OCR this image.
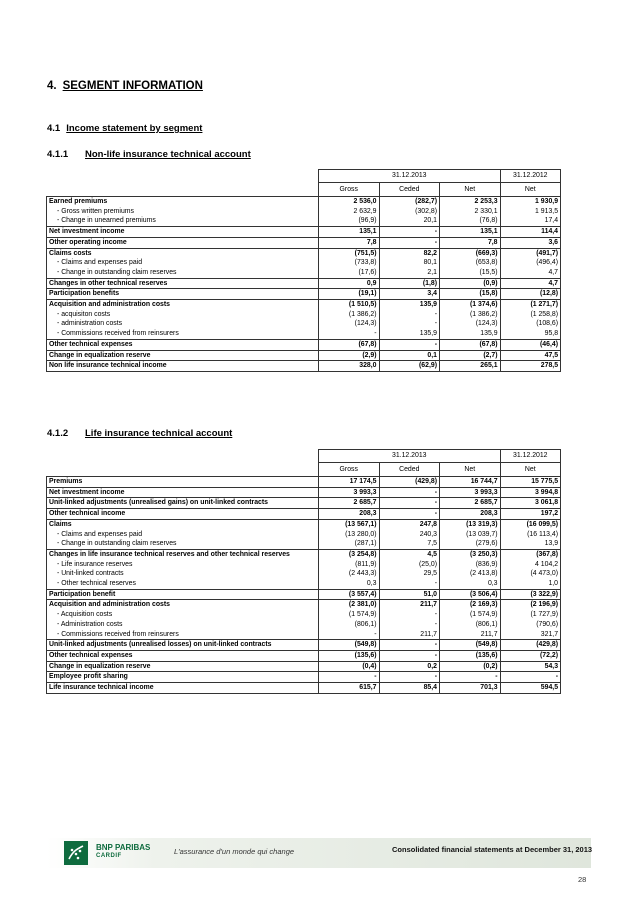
4. SEGMENT INFORMATION
4.1 Income statement by segment
4.1.1 Non-life insurance technical account
	31.12.2013			31.12.2012
	Gross	Ceded	Net	Net
Earned premiums	2 536,0	(282,7)	2 253,3	1 930,9
- Gross written premiums	2 632,9	(302,8)	2 330,1	1 913,5
- Change in unearned premiums	(96,9)	20,1	(76,8)	17,4
Net investment income	135,1	-	135,1	114,4
Other operating income	7,8	-	7,8	3,6
Claims costs	(751,5)	82,2	(669,3)	(491,7)
- Claims and expenses paid	(733,8)	80,1	(653,8)	(496,4)
- Change in outstanding claim reserves	(17,6)	2,1	(15,5)	4,7
Changes in other technical reserves	0,9	(1,8)	(0,9)	4,7
Participation benefits	(19,1)	3,4	(15,8)	(12,8)
Acquisition and administration costs	(1 510,5)	135,9	(1 374,6)	(1 271,7)
- acquisiton costs	(1 386,2)	-	(1 386,2)	(1 258,8)
- administration costs	(124,3)	-	(124,3)	(108,6)
- Commissions received from reinsurers	-	135,9	135,9	95,8
Other technical expenses	(67,8)	-	(67,8)	(46,4)
Change in equalization reserve	(2,9)	0,1	(2,7)	47,5
Non life insurance technical income	328,0	(62,9)	265,1	278,5
4.1.2 Life insurance technical account
	31.12.2013			31.12.2012
	Gross	Ceded	Net	Net
Premiums	17 174,5	(429,8)	16 744,7	15 775,5
Net investment income	3 993,3	-	3 993,3	3 994,8
Unit-linked adjustments (unrealised gains) on unit-linked contracts	2 685,7	-	2 685,7	3 061,8
Other technical income	208,3	-	208,3	197,2
Claims	(13 567,1)	247,8	(13 319,3)	(16 099,5)
- Claims and expenses paid	(13 280,0)	240,3	(13 039,7)	(16 113,4)
- Change in outstanding claim reserves	(287,1)	7,5	(279,6)	13,9
Changes in life insurance technical reserves and other technical reserves	(3 254,8)	4,5	(3 250,3)	(367,8)
- Life insurance reserves	(811,9)	(25,0)	(836,9)	4 104,2
- Unit-linked contracts	(2 443,3)	29,5	(2 413,8)	(4 473,0)
- Other technical reserves	0,3	-	0,3	1,0
Participation benefit	(3 557,4)	51,0	(3 506,4)	(3 322,9)
Acquisition and administration costs	(2 381,0)	211,7	(2 169,3)	(2 196,9)
- Acquisition costs	(1 574,9)	-	(1 574,9)	(1 727,9)
- Administration costs	(806,1)	-	(806,1)	(790,6)
- Commissions received from reinsurers	-	211,7	211,7	321,7
Unit-linked adjustments (unrealised losses) on unit-linked contracts	(549,8)	-	(549,8)	(429,8)
Other technical expenses	(135,6)	-	(135,6)	(72,2)
Change in equalization reserve	(0,4)	0,2	(0,2)	54,3
Employee profit sharing	-	-	-	-
Life insurance technical income	615,7	85,4	701,3	594,5
BNP PARIBAS
CARDIF	L'assurance d'un monde qui change	Consolidated financial statements at December 31, 2013
28
